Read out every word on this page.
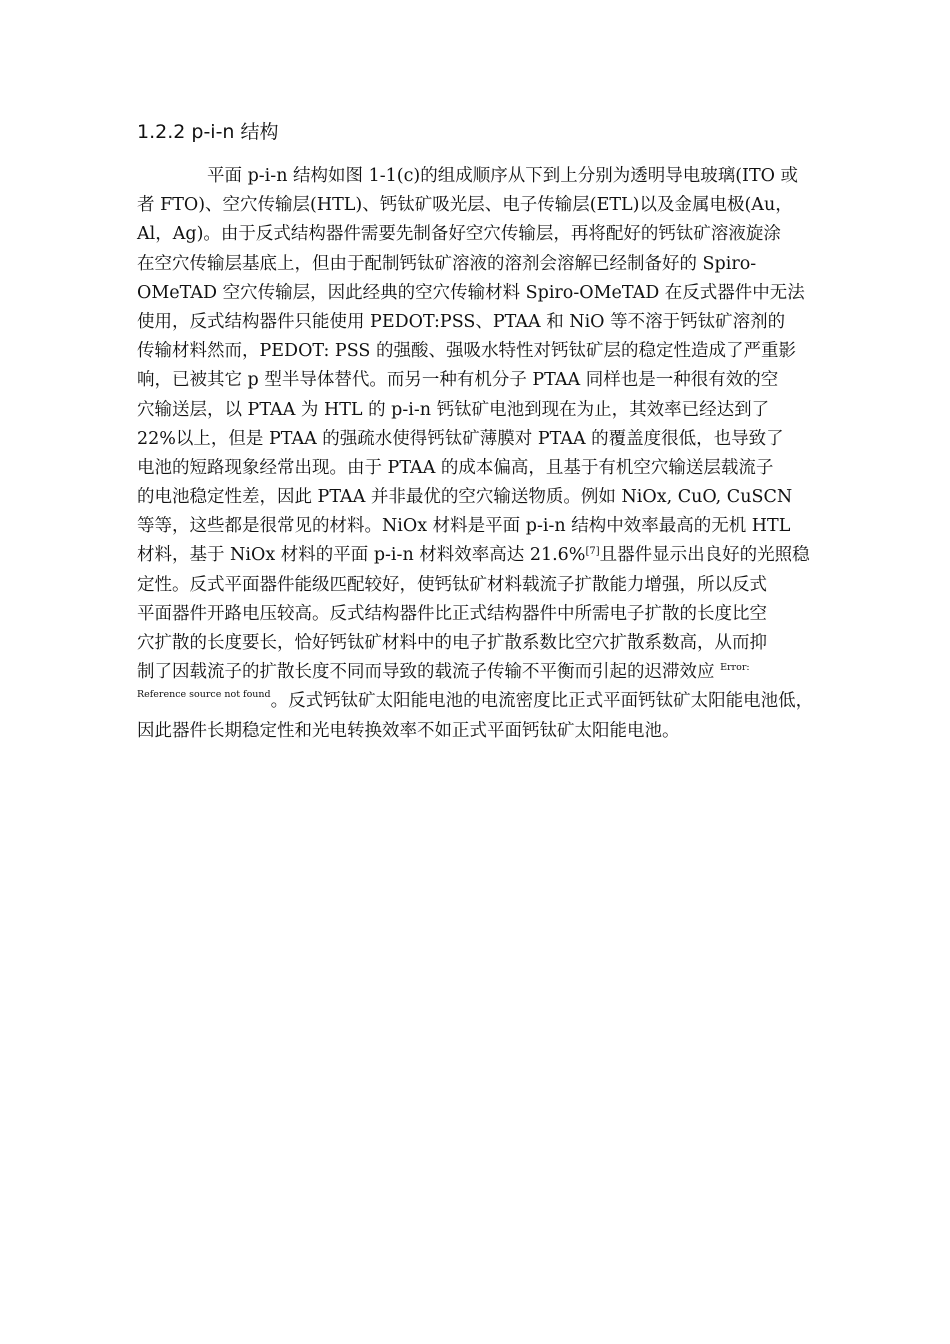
1.2.2 p-i-n 结构
平面 p-i-n 结构如图 1-1(c)的组成顺序从下到上分别为透明导电玻璃(ITO 或
者 FTO)、空穴传输层(HTL)、钙钛矿吸光层、电子传输层(ETL)以及金属电极(Au，
Al，Ag)。由于反式结构器件需要先制备好空穴传输层，再将配好的钙钛矿溶液旋涂
在空穴传输层基底上，但由于配制钙钛矿溶液的溶剂会溶解已经制备好的 Spiro-
OMeTAD 空穴传输层，因此经典的空穴传输材料 Spiro-OMeTAD 在反式器件中无法
使用，反式结构器件只能使用 PEDOT:PSS、PTAA 和 NiO 等不溶于钙钛矿溶剂的
传输材料然而，PEDOT: PSS 的强酸、强吸水特性对钙钛矿层的稳定性造成了严重影
响，已被其它 p 型半导体替代。而另一种有机分子 PTAA 同样也是一种很有效的空
穴输送层，以 PTAA 为 HTL 的 p-i-n 钙钛矿电池到现在为止，其效率已经达到了
22%以上，但是 PTAA 的强疏水使得钙钛矿薄膜对 PTAA 的覆盖度很低，也导致了
电池的短路现象经常出现。由于 PTAA 的成本偏高，且基于有机空穴输送层载流子
的电池稳定性差，因此 PTAA 并非最优的空穴输送物质。例如 NiOx, CuO, CuSCN
等等，这些都是很常见的材料。NiOx 材料是平面 p-i-n 结构中效率最高的无机 HTL
材料，基于 NiOx 材料的平面 p-i-n 材料效率高达 21.6%[7]且器件显示出良好的光照稳
定性。反式平面器件能级匹配较好，使钙钛矿材料载流子扩散能力增强，所以反式
平面器件开路电压较高。反式结构器件比正式结构器件中所需电子扩散的长度比空
穴扩散的长度要长，恰好钙钛矿材料中的电子扩散系数比空穴扩散系数高，从而抑
制了因载流子的扩散长度不同而导致的载流子传输不平衡而引起的迟滞效应 $^{Error:}$
$^{Reference source not found}$。反式钙钛矿太阳能电池的电流密度比正式平面钙钛矿太阳能电池低，
因此器件长期稳定性和光电转换效率不如正式平面钙钛矿太阳能电池。
